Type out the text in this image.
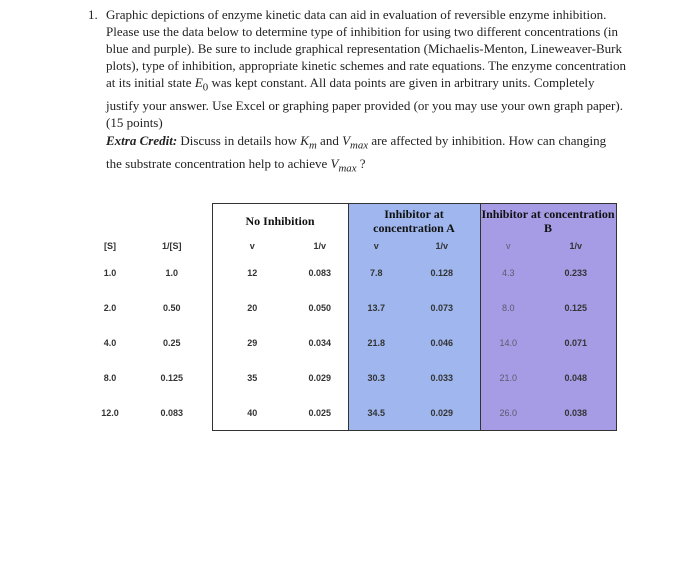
1. Graphic depictions of enzyme kinetic data can aid in evaluation of reversible enzyme inhibition. Please use the data below to determine type of inhibition for using two different concentrations (in blue and purple). Be sure to include graphical representation (Michaelis-Menton, Lineweaver-Burk plots), type of inhibition, appropriate kinetic schemes and rate equations. The enzyme concentration at its initial state $E_0$ was kept constant. All data points are given in arbitrary units. Completely justify your answer. Use Excel or graphing paper provided (or you may use your own graph paper). (15 points)
Extra Credit: Discuss in details how $K_m$ and $V_{max}$ are affected by inhibition. How can changing the substrate concentration help to achieve $V_{max}$ ?
		No Inhibition		Inhibitor at concentration A		Inhibitor at concentration B	
[S]	1/[S]	v	1/v	v	1/v	v	1/v
1.0	1.0	12	0.083	7.8	0.128	4.3	0.233
2.0	0.50	20	0.050	13.7	0.073	8.0	0.125
4.0	0.25	29	0.034	21.8	0.046	14.0	0.071
8.0	0.125	35	0.029	30.3	0.033	21.0	0.048
12.0	0.083	40	0.025	34.5	0.029	26.0	0.038
